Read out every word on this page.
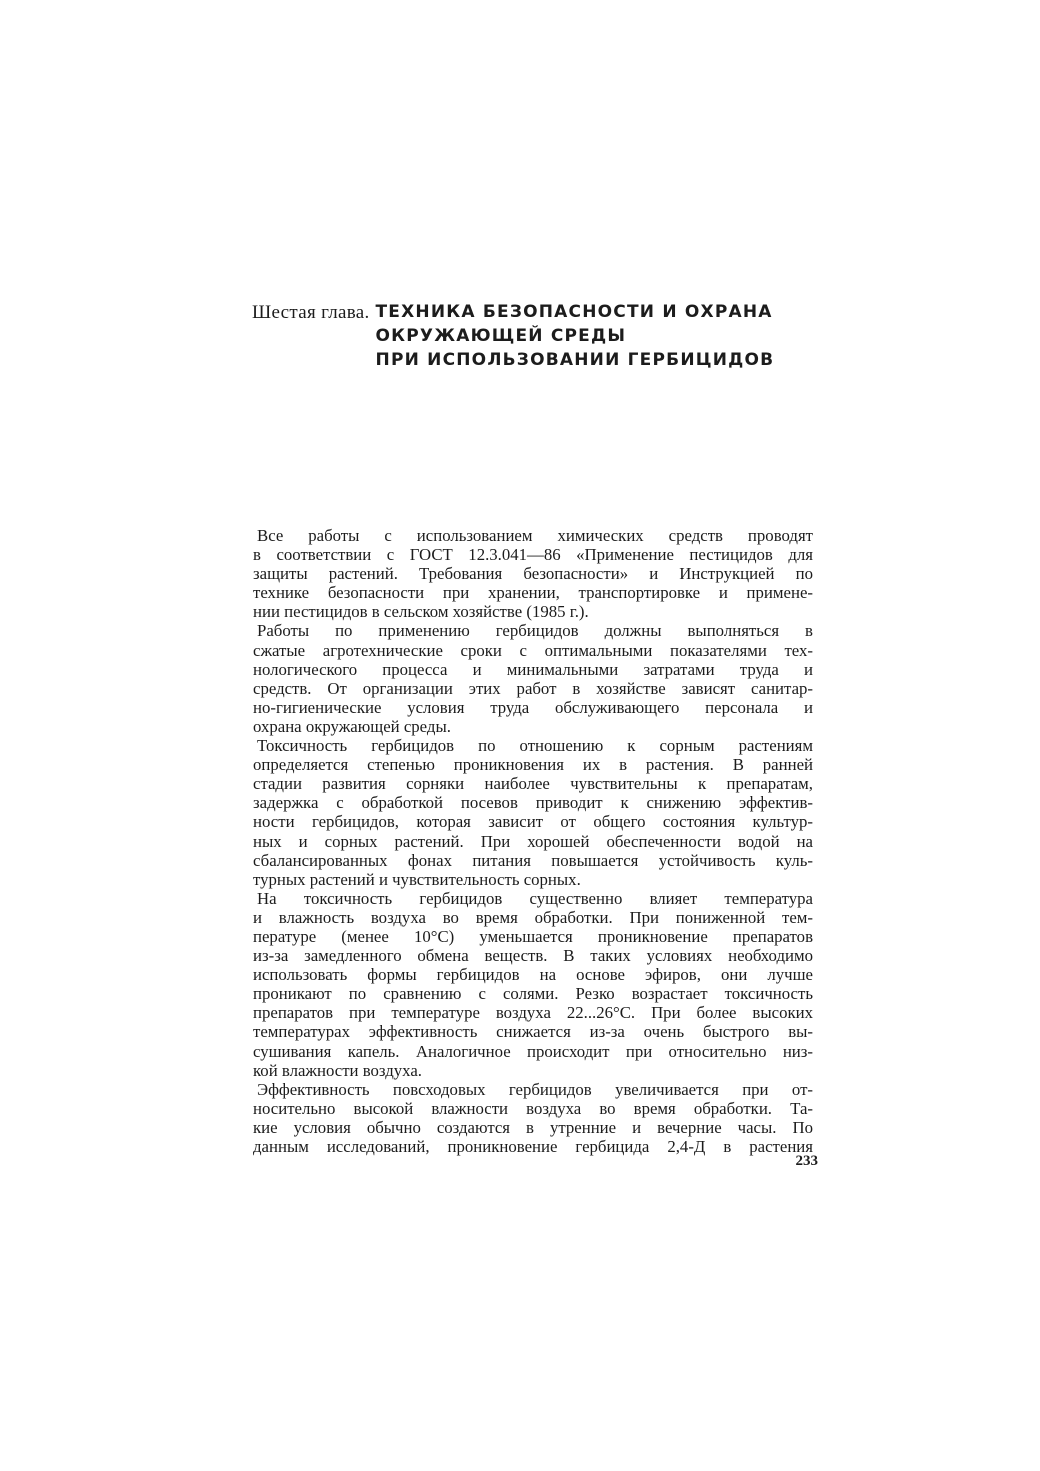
Шестая глава. ТЕХНИКА БЕЗОПАСНОСТИ И ОХРАНА
ОКРУЖАЮЩЕЙ СРЕДЫ
ПРИ ИСПОЛЬЗОВАНИИ ГЕРБИЦИДОВ

Все работы с использованием химических средств проводят
в соответствии с ГОСТ 12.3.041—86 «Применение пестицидов для
защиты растений. Требования безопасности» и Инструкцией по
технике безопасности при хранении, транспортировке и примене-
нии пестицидов в сельском хозяйстве (1985 г.).

Работы по применению гербицидов должны выполняться в
сжатые агротехнические сроки с оптимальными показателями тех-
нологического процесса и минимальными затратами труда и
средств. От организации этих работ в хозяйстве зависят санитар-
но-гигиенические условия труда обслуживающего персонала и
охрана окружающей среды.

Токсичность гербицидов по отношению к сорным растениям
определяется степенью проникновения их в растения. В ранней
стадии развития сорняки наиболее чувствительны к препаратам,
задержка с обработкой посевов приводит к снижению эффектив-
ности гербицидов, которая зависит от общего состояния культур-
ных и сорных растений. При хорошей обеспеченности водой на
сбалансированных фонах питания повышается устойчивость куль-
турных растений и чувствительность сорных.

На токсичность гербицидов существенно влияет температура
и влажность воздуха во время обработки. При пониженной тем-
пературе (менее 10°С) уменьшается проникновение препаратов
из-за замедленного обмена веществ. В таких условиях необходимо
использовать формы гербицидов на основе эфиров, они лучше
проникают по сравнению с солями. Резко возрастает токсичность
препаратов при температуре воздуха 22...26°С. При более высоких
температурах эффективность снижается из-за очень быстрого вы-
сушивания капель. Аналогичное происходит при относительно низ-
кой влажности воздуха.

Эффективность повсходовых гербицидов увеличивается при от-
носительно высокой влажности воздуха во время обработки. Та-
кие условия обычно создаются в утренние и вечерние часы. По
данным исследований, проникновение гербицида 2,4-Д в растения

233
